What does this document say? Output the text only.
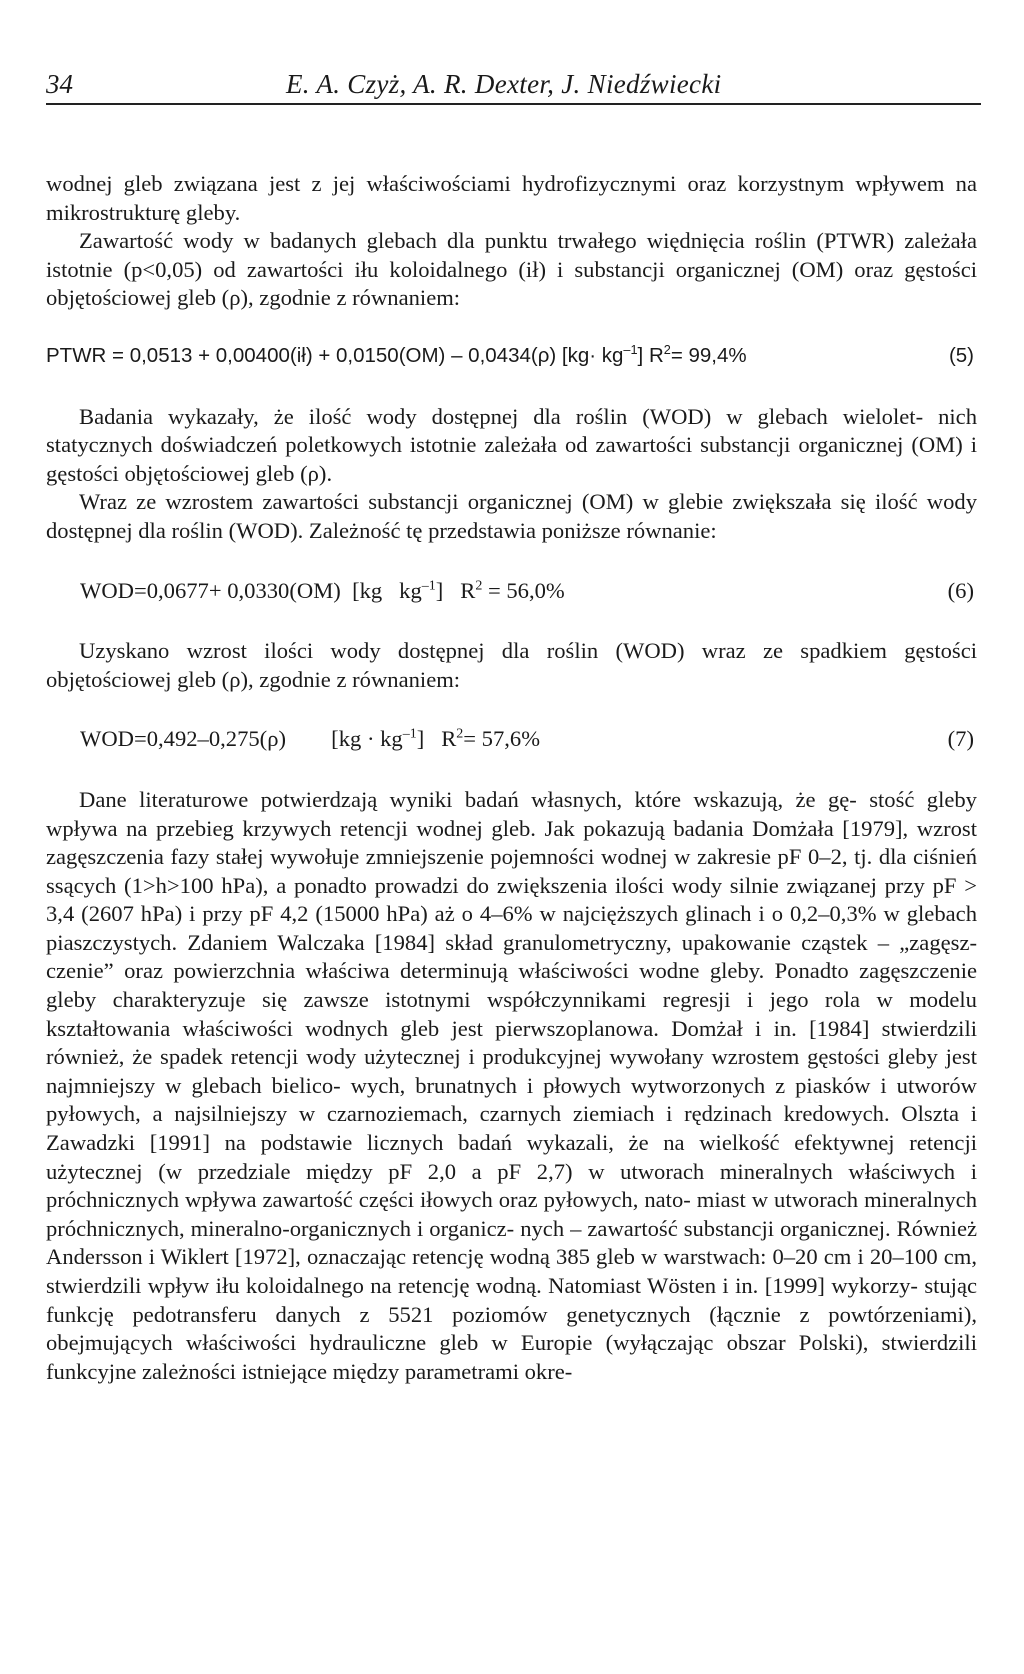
34	E. A. Czyż, A. R. Dexter, J. Niedźwiecki

wodnej gleb związana jest z jej właściwościami hydrofizycznymi oraz korzystnym wpływem na mikrostrukturę gleby.

Zawartość wody w badanych glebach dla punktu trwałego więdnięcia roślin (PTWR) zależała istotnie (p<0,05) od zawartości iłu koloidalnego (ił) i substancji organicznej (OM) oraz gęstości objętościowej gleb (ρ), zgodnie z równaniem:

PTWR = 0,0513 + 0,00400(ił) + 0,0150(OM) – 0,0434(ρ) $[kg\cdot kg^{-1}]$ $R^2= 99,4\%$	(5)

Badania wykazały, że ilość wody dostępnej dla roślin (WOD) w glebach wielolet- nich statycznych doświadczeń poletkowych istotnie zależała od zawartości substancji organicznej (OM) i gęstości objętościowej gleb (ρ).

Wraz ze wzrostem zawartości substancji organicznej (OM) w glebie zwiększała się ilość wody dostępnej dla roślin (WOD). Zależność tę przedstawia poniższe równanie:

WOD=0,0677+ 0,0330(OM)  [kg   $kg^{-1}$]   $R^2 = 56,0\%$	(6)

Uzyskano wzrost ilości wody dostępnej dla roślin (WOD) wraz ze spadkiem gęstości objętościowej gleb (ρ), zgodnie z równaniem:

WOD=0,492–0,275(ρ)        $[kg \cdot kg^{-1}]$   $R^2= 57,6\%$	(7)

Dane literaturowe potwierdzają wyniki badań własnych, które wskazują, że gę- stość gleby wpływa na przebieg krzywych retencji wodnej gleb. Jak pokazują badania Domżała [1979], wzrost zagęszczenia fazy stałej wywołuje zmniejszenie pojemności wodnej w zakresie pF 0–2, tj. dla ciśnień ssących (1>h>100 hPa), a ponadto prowadzi do zwiększenia ilości wody silnie związanej przy pF > 3,4 (2607 hPa) i przy pF 4,2 (15000 hPa) aż o 4–6% w najcięższych glinach i o 0,2–0,3% w glebach piaszczystych. Zdaniem Walczaka [1984] skład granulometryczny, upakowanie cząstek – „zagęsz- czenie” oraz powierzchnia właściwa determinują właściwości wodne gleby. Ponadto zagęszczenie gleby charakteryzuje się zawsze istotnymi współczynnikami regresji i jego rola w modelu kształtowania właściwości wodnych gleb jest pierwszoplanowa. Domżał i in. [1984] stwierdzili również, że spadek retencji wody użytecznej i produkcyjnej wywołany wzrostem gęstości gleby jest najmniejszy w glebach bielico- wych, brunatnych i płowych wytworzonych z piasków i utworów pyłowych, a najsilniejszy w czarnoziemach, czarnych ziemiach i rędzinach kredowych. Olszta i Zawadzki [1991] na podstawie licznych badań wykazali, że na wielkość efektywnej retencji użytecznej (w przedziale między pF 2,0 a pF 2,7) w utworach mineralnych właściwych i próchnicznych wpływa zawartość części iłowych oraz pyłowych, nato- miast w utworach mineralnych próchnicznych, mineralno-organicznych i organicz- nych – zawartość substancji organicznej. Również Andersson i Wiklert [1972], oznaczając retencję wodną 385 gleb w warstwach: 0–20 cm i 20–100 cm, stwierdzili wpływ iłu koloidalnego na retencję wodną. Natomiast Wösten i in. [1999] wykorzy- stując funkcję pedotransferu danych z 5521 poziomów genetycznych (łącznie z powtórzeniami), obejmujących właściwości hydrauliczne gleb w Europie (wyłączając obszar Polski), stwierdzili funkcyjne zależności istniejące między parametrami okre-
